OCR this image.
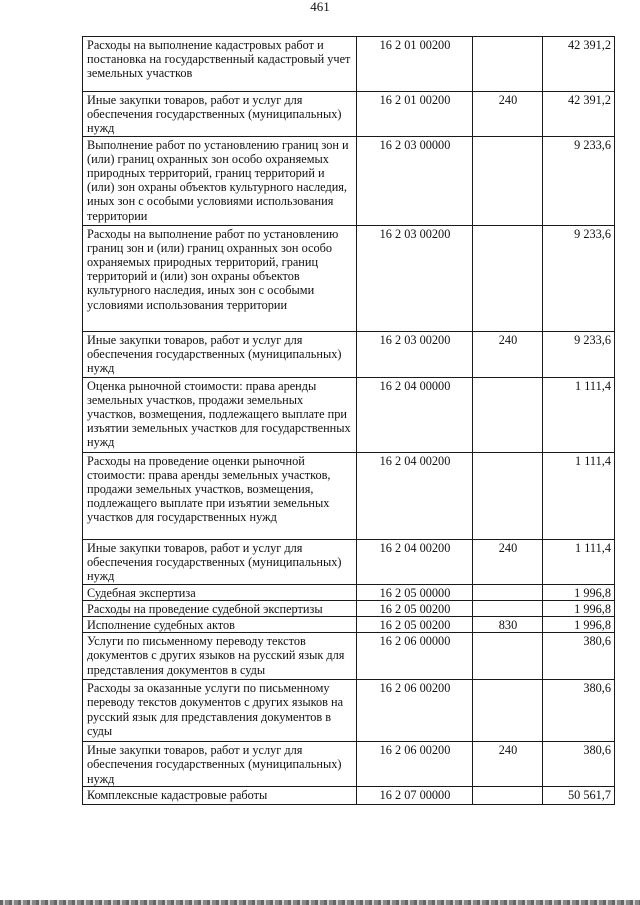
461
Расходы на выполнение кадастровых работ и постановка на государственный кадастровый учет земельных участков	16 2 01 00200		42 391,2
Иные закупки товаров, работ и услуг для обеспечения государственных (муниципальных) нужд	16 2 01 00200	240	42 391,2
Выполнение работ по установлению границ зон и (или) границ охранных зон особо охраняемых природных территорий, границ территорий и (или) зон охраны объектов культурного наследия, иных зон с особыми условиями использования территории	16 2 03 00000		9 233,6
Расходы на выполнение работ по установлению границ зон и (или) границ охранных зон особо охраняемых природных территорий, границ территорий и (или) зон охраны объектов культурного наследия, иных зон с особыми условиями использования территории	16 2 03 00200		9 233,6
Иные закупки товаров, работ и услуг для обеспечения государственных (муниципальных) нужд	16 2 03 00200	240	9 233,6
Оценка рыночной стоимости: права аренды земельных участков, продажи земельных участков, возмещения, подлежащего выплате при изъятии земельных участков для государственных нужд	16 2 04 00000		1 111,4
Расходы на проведение оценки рыночной стоимости: права аренды земельных участков, продажи земельных участков, возмещения, подлежащего выплате при изъятии земельных участков для государственных нужд	16 2 04 00200		1 111,4
Иные закупки товаров, работ и услуг для обеспечения государственных (муниципальных) нужд	16 2 04 00200	240	1 111,4
Судебная экспертиза	16 2 05 00000		1 996,8
Расходы на проведение судебной экспертизы	16 2 05 00200		1 996,8
Исполнение судебных актов	16 2 05 00200	830	1 996,8
Услуги по письменному переводу текстов документов с других языков на русский язык для представления документов в суды	16 2 06 00000		380,6
Расходы за оказанные услуги по письменному переводу текстов документов с других языков на русский язык для представления документов в суды	16 2 06 00200		380,6
Иные закупки товаров, работ и услуг для обеспечения государственных (муниципальных) нужд	16 2 06 00200	240	380,6
Комплексные кадастровые работы	16 2 07 00000		50 561,7
